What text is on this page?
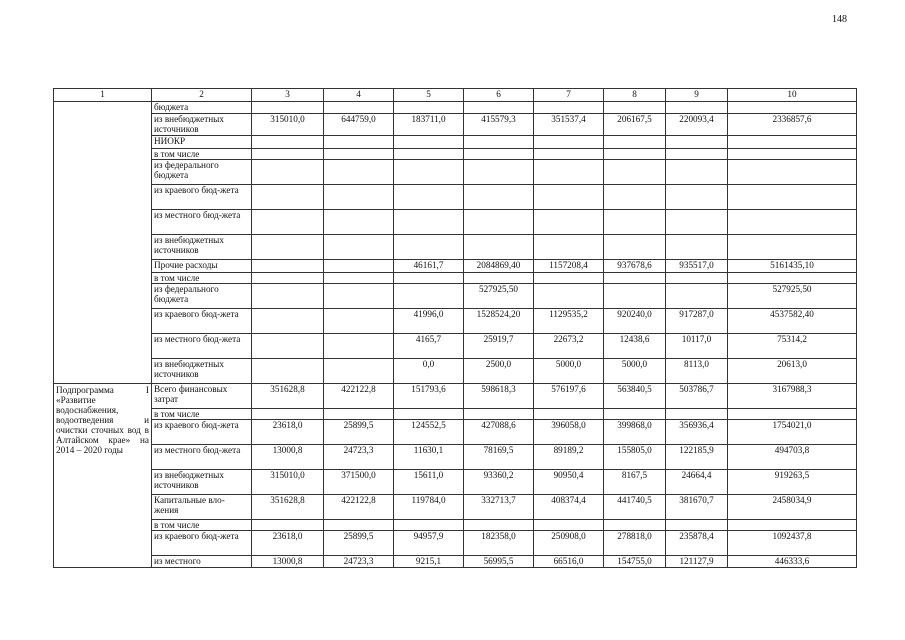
148
1	2	3	4	5	6	7	8	9	10
	бюджета								
	из внебюджетных источников	315010,0	644759,0	183711,0	415579,3	351537,4	206167,5	220093,4	2336857,6
	НИОКР								
	в том числе								
	из федерального бюджета								
	из краевого бюд-жета								
	из местного бюд-жета								
	из внебюджетных источников								
	Прочие расходы			46161,7	2084869,40	1157208,4	937678,6	935517,0	5161435,10
	в том числе								
	из федерального бюджета				527925,50				527925,50
	из краевого бюд-жета			41996,0	1528524,20	1129535,2	920240,0	917287,0	4537582,40
	из местного бюд-жета			4165,7	25919,7	22673,2	12438,6	10117,0	75314,2
	из внебюджетных источников			0,0	2500,0	5000,0	5000,0	8113,0	20613,0
Подпрограмма I «Развитие водоснабжения, водоотведения и очистки сточных вод в Алтайском крае» на 2014 – 2020 годы	Всего финансовых затрат	351628,8	422122,8	151793,6	598618,3	576197,6	563840,5	503786,7	3167988,3
	в том числе								
	из краевого бюд-жета	23618,0	25899,5	124552,5	427088,6	396058,0	399868,0	356936,4	1754021,0
	из местного бюд-жета	13000,8	24723,3	11630,1	78169,5	89189,2	155805,0	122185,9	494703,8
	из внебюджетных источников	315010,0	371500,0	15611,0	93360,2	90950,4	8167,5	24664,4	919263,5
	Капитальные вло-жения	351628,8	422122,8	119784,0	332713,7	408374,4	441740,5	381670,7	2458034,9
	в том числе								
	из краевого бюд-жета	23618,0	25899,5	94957,9	182358,0	250908,0	278818,0	235878,4	1092437,8
	из местного	13000,8	24723,3	9215,1	56995,5	66516,0	154755,0	121127,9	446333,6
